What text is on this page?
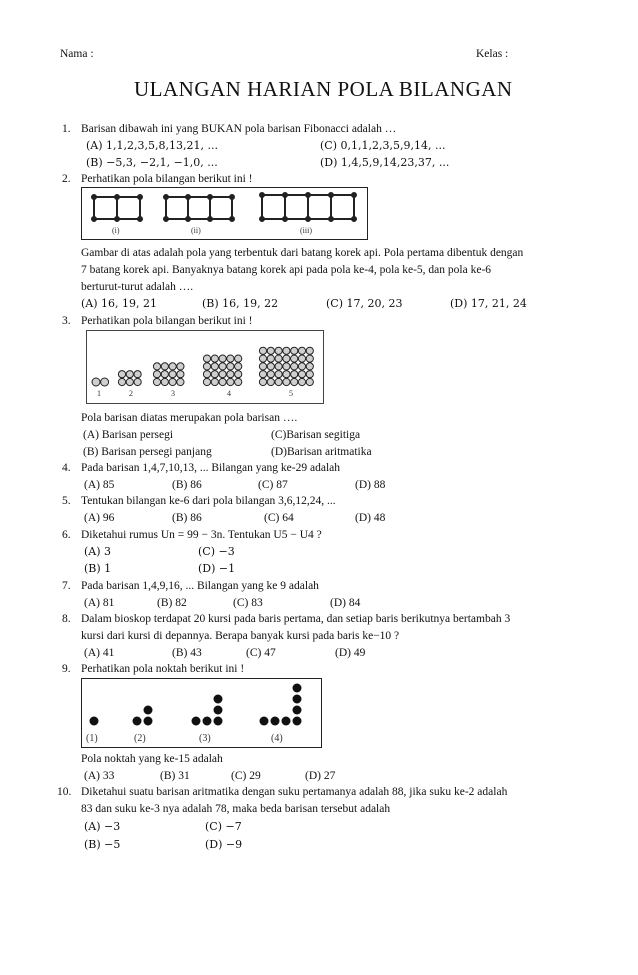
Nama :	Kelas :
ULANGAN HARIAN POLA BILANGAN
1. Barisan dibawah ini yang BUKAN pola barisan Fibonacci adalah …
(A) 1,1,2,3,5,8,13,21, ...	(C) 0,1,1,2,3,5,9,14, ...
(B) −5,3, −2,1, −1,0, ...	(D) 1,4,5,9,14,23,37, ...
2. Perhatikan pola bilangan berikut ini !
(i)	(ii)	(iii)
Gambar di atas adalah pola yang terbentuk dari batang korek api. Pola pertama dibentuk dengan
7 batang korek api. Banyaknya batang korek api pada pola ke-4, pola ke-5, dan pola ke-6
berturut-turut adalah ….
(A) 16, 19, 21	(B) 16, 19, 22	(C) 17, 20, 23	(D) 17, 21, 24
3. Perhatikan pola bilangan berikut ini !
1	2	3	4	5
Pola barisan diatas merupakan pola barisan ….
(A) Barisan persegi	(C)Barisan segitiga
(B) Barisan persegi panjang	(D)Barisan aritmatika
4. Pada barisan 1,4,7,10,13, ... Bilangan yang ke-29 adalah
(A) 85	(B) 86	(C) 87	(D) 88
5. Tentukan bilangan ke-6 dari pola bilangan 3,6,12,24, ...
(A) 96	(B) 86	(C) 64	(D) 48
6. Diketahui rumus Un = 99 − 3n. Tentukan U5 − U4 ?
(A) 3	(C) −3
(B) 1	(D) −1
7. Pada barisan 1,4,9,16, ... Bilangan yang ke 9 adalah
(A) 81	(B) 82	(C) 83	(D) 84
8. Dalam bioskop terdapat 20 kursi pada baris pertama, dan setiap baris berikutnya bertambah 3
kursi dari kursi di depannya. Berapa banyak kursi pada baris ke−10 ?
(A) 41	(B) 43	(C) 47	(D) 49
9. Perhatikan pola noktah berikut ini !
(1)	(2)	(3)	(4)
Pola noktah yang ke-15 adalah
(A) 33	(B) 31	(C) 29	(D) 27
10. Diketahui suatu barisan aritmatika dengan suku pertamanya adalah 88, jika suku ke-2 adalah
83 dan suku ke-3 nya adalah 78, maka beda barisan tersebut adalah
(A) −3	(C) −7
(B) −5	(D) −9
